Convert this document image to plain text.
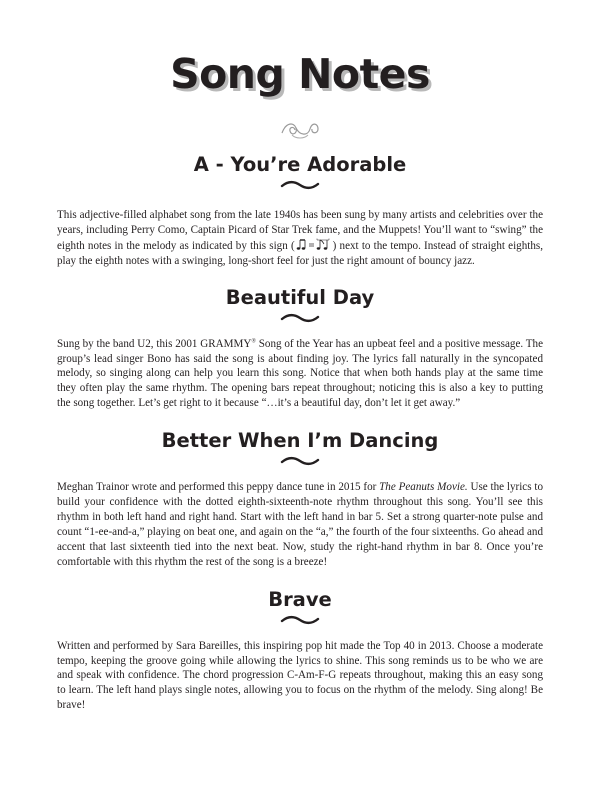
Song Notes
A - You’re Adorable

This adjective-filled alphabet song from the late 1940s has been sung by many artists and celebrities over the years, including Perry Como, Captain Picard of Star Trek fame, and the Muppets! You’ll want to “swing” the eighth notes in the melody as indicated by this sign (	) next to the tempo. Instead of straight eighths, play the eighth notes with a swinging, long-short feel for just the right amount of bouncy jazz.

Beautiful Day

Sung by the band U2, this 2001 GRAMMY® Song of the Year has an upbeat feel and a positive message. The group’s lead singer Bono has said the song is about finding joy. The lyrics fall naturally in the syncopated melody, so singing along can help you learn this song. Notice that when both hands play at the same time they often play the same rhythm. The opening bars repeat throughout; noticing this is also a key to putting the song together. Let’s get right to it because “…it’s a beautiful day, don’t let it get away.”

Better When I’m Dancing

Meghan Trainor wrote and performed this peppy dance tune in 2015 for The Peanuts Movie. Use the lyrics to build your confidence with the dotted eighth-sixteenth-note rhythm throughout this song. You’ll see this rhythm in both left hand and right hand. Start with the left hand in bar 5. Set a strong quarter-note pulse and count “1-ee-and-a,” playing on beat one, and again on the “a,” the fourth of the four sixteenths. Go ahead and accent that last sixteenth tied into the next beat. Now, study the right-hand rhythm in bar 8. Once you’re comfortable with this rhythm the rest of the song is a breeze!

Brave

Written and performed by Sara Bareilles, this inspiring pop hit made the Top 40 in 2013. Choose a moderate tempo, keeping the groove going while allowing the lyrics to shine. This song reminds us to be who we are and speak with confidence. The chord progression C-Am-F-G repeats throughout, making this an easy song to learn. The left hand plays single notes, allowing you to focus on the rhythm of the melody. Sing along! Be brave!
